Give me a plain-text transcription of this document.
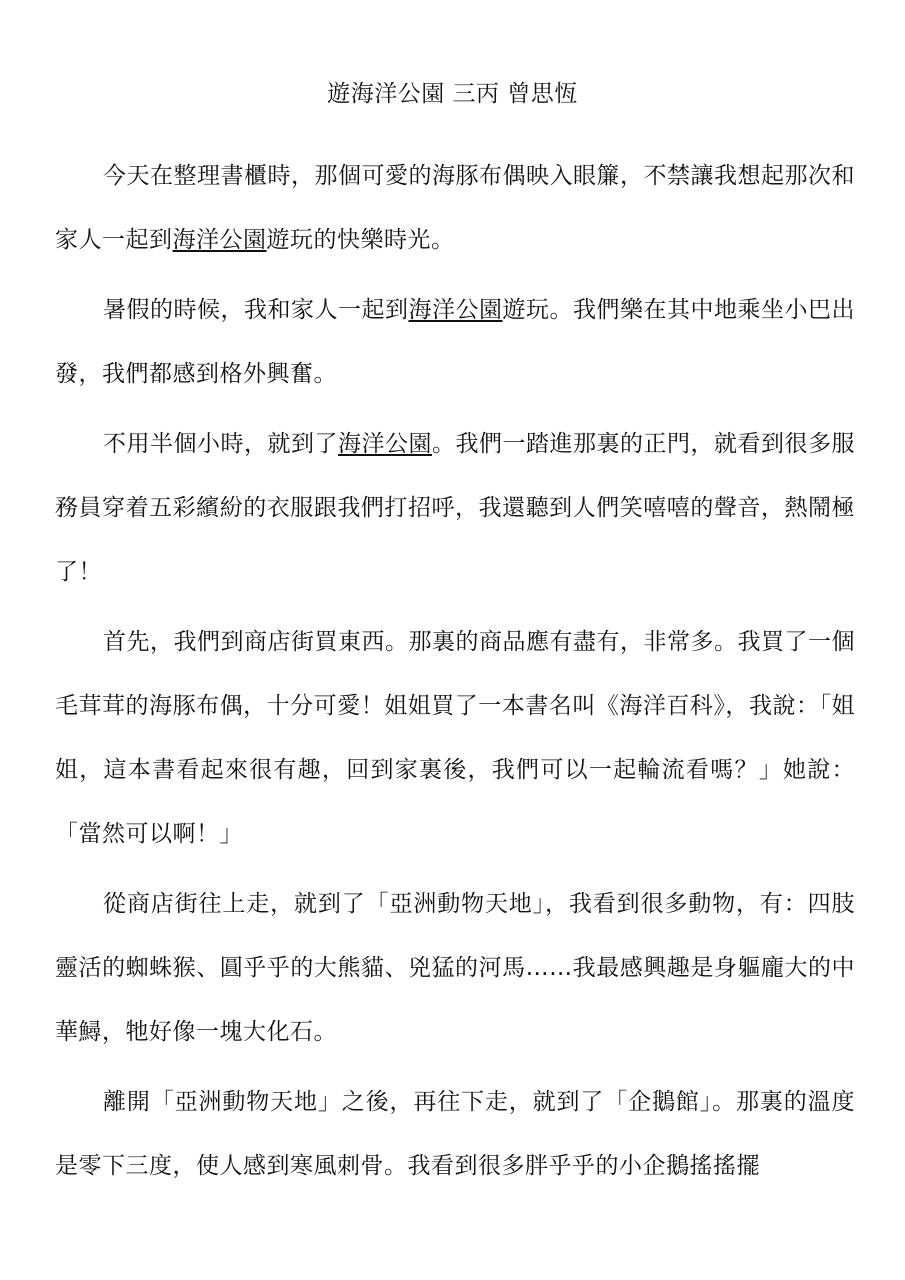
遊海洋公園 三丙 曾思恆

今天在整理書櫃時，那個可愛的海豚布偶映入眼簾，不禁讓我想起那次和家人一起到海洋公園遊玩的快樂時光。

暑假的時候，我和家人一起到海洋公園遊玩。我們樂在其中地乘坐小巴出發，我們都感到格外興奮。

不用半個小時，就到了海洋公園。我們一踏進那裏的正門，就看到很多服務員穿着五彩繽紛的衣服跟我們打招呼，我還聽到人們笑嘻嘻的聲音，熱鬧極了！

首先，我們到商店街買東西。那裏的商品應有盡有，非常多。我買了一個毛茸茸的海豚布偶，十分可愛！姐姐買了一本書名叫《海洋百科》，我說：「姐姐，這本書看起來很有趣，回到家裏後，我們可以一起輪流看嗎？」她說：「當然可以啊！」

從商店街往上走，就到了「亞洲動物天地」，我看到很多動物，有：四肢靈活的蜘蛛猴、圓乎乎的大熊貓、兇猛的河馬……我最感興趣是身軀龐大的中華鱘，牠好像一塊大化石。

離開「亞洲動物天地」之後，再往下走，就到了「企鵝館」。那裏的溫度是零下三度，使人感到寒風刺骨。我看到很多胖乎乎的小企鵝搖搖擺
